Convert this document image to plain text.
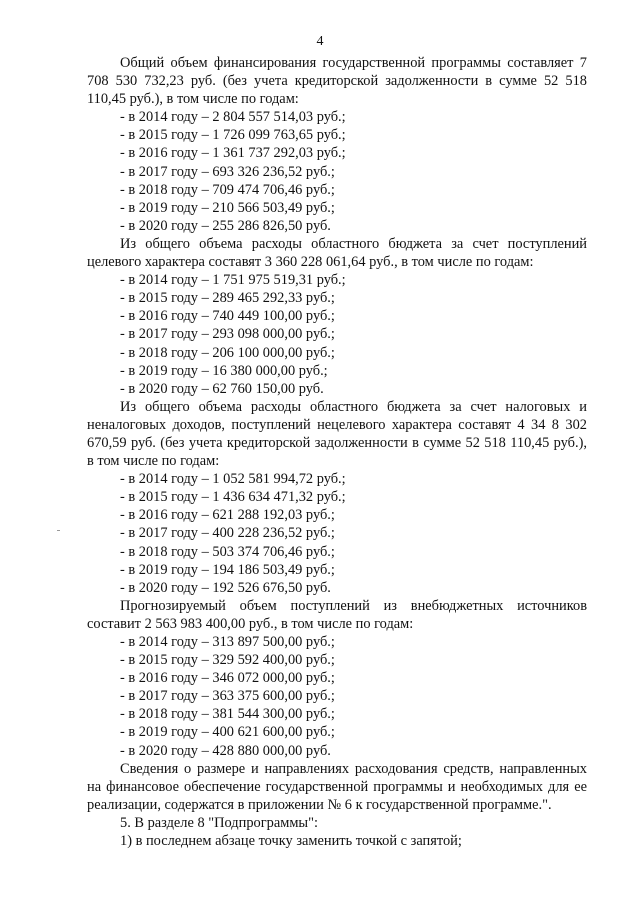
4

Общий объем финансирования государственной программы составляет 7 708 530 732,23 руб. (без учета кредиторской задолженности в сумме 52 518 110,45 руб.), в том числе по годам:

- в 2014 году – 2 804 557 514,03 руб.;
- в 2015 году – 1 726 099 763,65 руб.;
- в 2016 году – 1 361 737 292,03 руб.;
- в 2017 году – 693 326 236,52 руб.;
- в 2018 году – 709 474 706,46 руб.;
- в 2019 году – 210 566 503,49 руб.;
- в 2020 году – 255 286 826,50 руб.

Из общего объема расходы областного бюджета за счет поступлений целевого характера составят 3 360 228 061,64 руб., в том числе по годам:

- в 2014 году – 1 751 975 519,31 руб.;
- в 2015 году – 289 465 292,33 руб.;
- в 2016 году – 740 449 100,00 руб.;
- в 2017 году – 293 098 000,00 руб.;
- в 2018 году – 206 100 000,00 руб.;
- в 2019 году – 16 380 000,00 руб.;
- в 2020 году – 62 760 150,00 руб.

Из общего объема расходы областного бюджета за счет налоговых и неналоговых доходов, поступлений нецелевого характера составят 4 34 8 302 670,59 руб. (без учета кредиторской задолженности в сумме 52 518 110,45 руб.), в том числе по годам:

- в 2014 году – 1 052 581 994,72 руб.;
- в 2015 году – 1 436 634 471,32 руб.;
- в 2016 году – 621 288 192,03 руб.;
- в 2017 году – 400 228 236,52 руб.;
- в 2018 году – 503 374 706,46 руб.;
- в 2019 году – 194 186 503,49 руб.;
- в 2020 году – 192 526 676,50 руб.

Прогнозируемый объем поступлений из внебюджетных источников составит 2 563 983 400,00 руб., в том числе по годам:

- в 2014 году – 313 897 500,00 руб.;
- в 2015 году – 329 592 400,00 руб.;
- в 2016 году – 346 072 000,00 руб.;
- в 2017 году – 363 375 600,00 руб.;
- в 2018 году – 381 544 300,00 руб.;
- в 2019 году – 400 621 600,00 руб.;
- в 2020 году – 428 880 000,00 руб.

Сведения о размере и направлениях расходования средств, направленных на финансовое обеспечение государственной программы и необходимых для ее реализации, содержатся в приложении № 6 к государственной программе.".

5. В разделе 8 "Подпрограммы":

1) в последнем абзаце точку заменить точкой с запятой;
